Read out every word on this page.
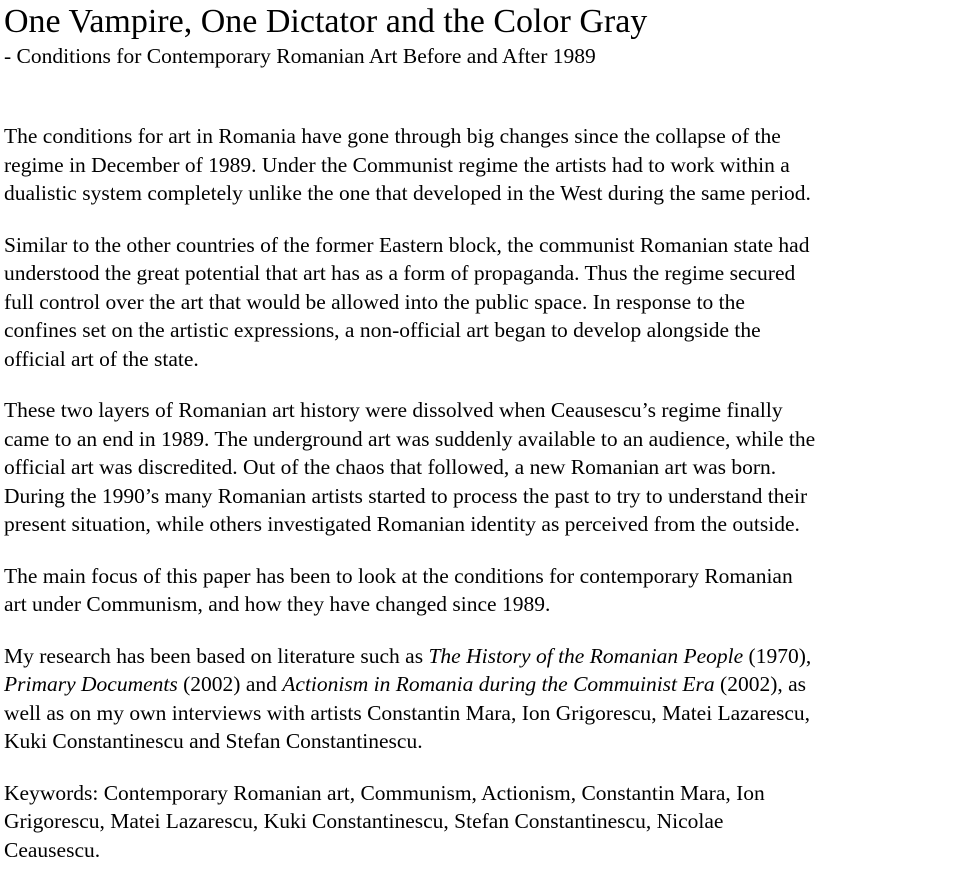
One Vampire, One Dictator and the Color Gray
- Conditions for Contemporary Romanian Art Before and After 1989

The conditions for art in Romania have gone through big changes since the collapse of the
regime in December of 1989. Under the Communist regime the artists had to work within a
dualistic system completely unlike the one that developed in the West during the same period.

Similar to the other countries of the former Eastern block, the communist Romanian state had
understood the great potential that art has as a form of propaganda. Thus the regime secured
full control over the art that would be allowed into the public space. In response to the
confines set on the artistic expressions, a non-official art began to develop alongside the
official art of the state.

These two layers of Romanian art history were dissolved when Ceausescu’s regime finally
came to an end in 1989. The underground art was suddenly available to an audience, while the
official art was discredited. Out of the chaos that followed, a new Romanian art was born.
During the 1990’s many Romanian artists started to process the past to try to understand their
present situation, while others investigated Romanian identity as perceived from the outside.

The main focus of this paper has been to look at the conditions for contemporary Romanian
art under Communism, and how they have changed since 1989.

My research has been based on literature such as The History of the Romanian People (1970),
Primary Documents (2002) and Actionism in Romania during the Commuinist Era (2002), as
well as on my own interviews with artists Constantin Mara, Ion Grigorescu, Matei Lazarescu,
Kuki Constantinescu and Stefan Constantinescu.

Keywords: Contemporary Romanian art, Communism, Actionism, Constantin Mara, Ion
Grigorescu, Matei Lazarescu, Kuki Constantinescu, Stefan Constantinescu, Nicolae
Ceausescu.
